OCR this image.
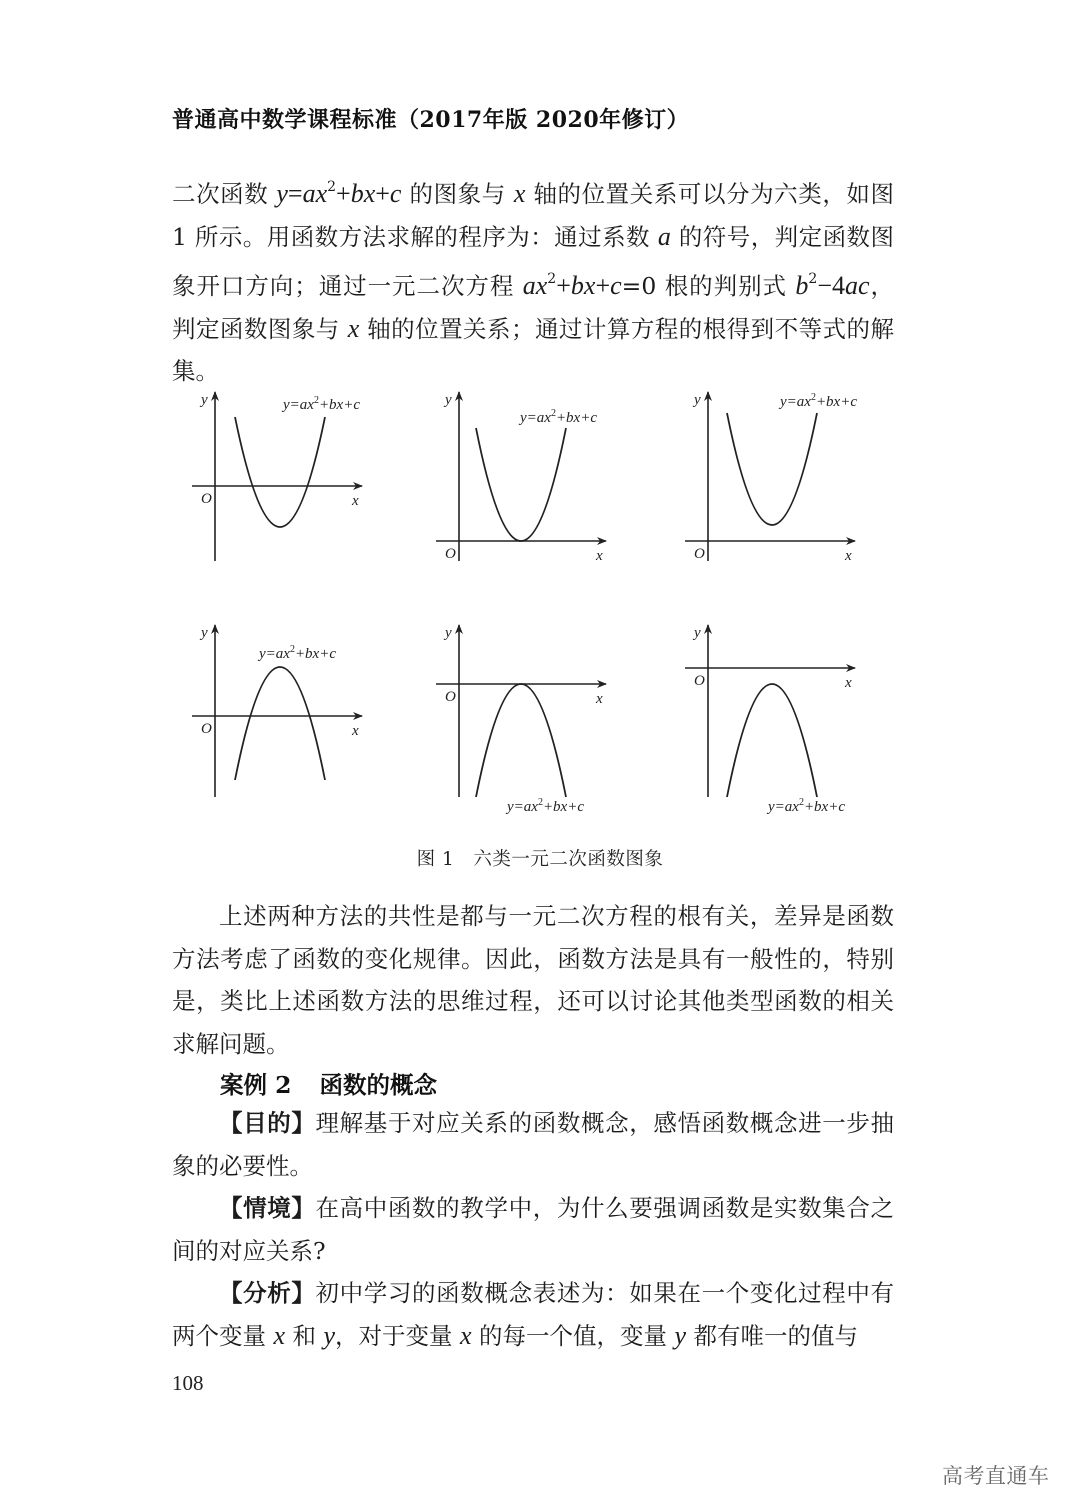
普通高中数学课程标准（2017年版 2020年修订）
二次函数 $y=ax^2+bx+c$ 的图象与 x 轴的位置关系可以分为六类，如图 1 所示。用函数方法求解的程序为：通过系数 a 的符号，判定函数图象开口方向；通过一元二次方程 $ax^2+bx+c=0$ 根的判别式 $b^2-4ac$，判定函数图象与 x 轴的位置关系；通过计算方程的根得到不等式的解集。
y
x
O
$y=ax^2+bx+c$	y
x
O
$y=ax^2+bx+c$
y
x
O
$y=ax^2+bx+c$
y
x
O
$y=ax^2+bx+c$
y
x
O
$y=ax^2+bx+c$
y
x
O
$y=ax^2+bx+c$
图 1　六类一元二次函数图象
上述两种方法的共性是都与一元二次方程的根有关，差异是函数方法考虑了函数的变化规律。因此，函数方法是具有一般性的，特别是，类比上述函数方法的思维过程，还可以讨论其他类型函数的相关求解问题。
案例 2 函数的概念
【目的】理解基于对应关系的函数概念，感悟函数概念进一步抽象的必要性。
【情境】在高中函数的教学中，为什么要强调函数是实数集合之间的对应关系?
【分析】初中学习的函数概念表述为：如果在一个变化过程中有两个变量 x 和 y，对于变量 x 的每一个值，变量 y 都有唯一的值与
108
高考直通车
